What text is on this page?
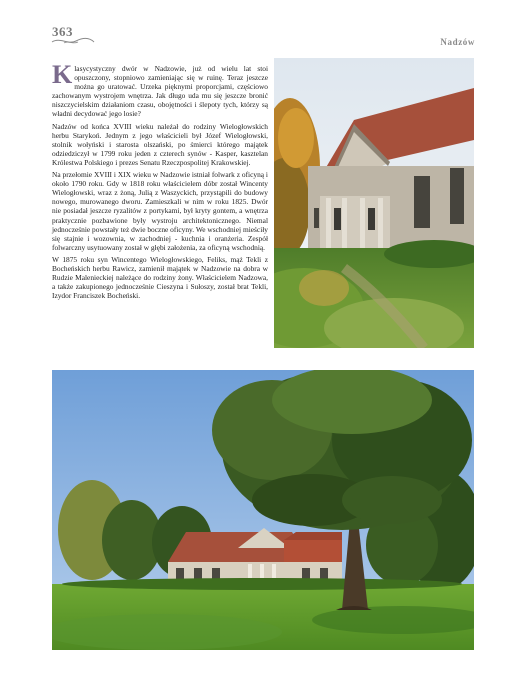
363
Nadzów

Klasycystyczny dwór w Nadzowie, już od wielu lat stoi opuszczony, stopniowo zamieniając się w ruinę. Teraz jeszcze można go uratować. Urzeka pięknymi proporcjami, częściowo zachowanym wystrojem wnętrza. Jak długo uda mu się jeszcze bronić niszczycielskim działaniom czasu, obojętności i ślepoty tych, którzy są władni decydować jego losie?

Nadzów od końca XVIII wieku należał do rodziny Wielogłowskich herbu Starykoń. Jednym z jego właścicieli był Józef Wielogłowski, stolnik wołyński i starosta olszański, po śmierci którego majątek odziedziczył w 1799 roku jeden z czterech synów - Kasper, kasztelan Królestwa Polskiego i prezes Senatu Rzeczpospolitej Krakowskiej.

Na przełomie XVIII i XIX wieku w Nadzowie istniał folwark z oficyną i około 1790 roku. Gdy w 1818 roku właścicielem dóbr został Wincenty Wielogłowski, wraz z żoną, Julią z Waszyckich, przystąpili do budowy nowego, murowanego dworu. Zamieszkali w nim w roku 1825. Dwór nie posiadał jeszcze ryzalitów z portykami, był kryty gontem, a wnętrza praktycznie pozbawione były wystroju architektonicznego. Niemal jednocześnie powstały też dwie boczne oficyny. We wschodniej mieściły się stajnie i wozownia, w zachodniej - kuchnia i oranżeria. Zespół folwarczny usytuowany został w głębi założenia, za oficyną wschodnią.

W 1875 roku syn Wincentego Wielogłowskiego, Feliks, mąż Tekli z Bocheńskich herbu Rawicz, zamienił majątek w Nadzowie na dobra w Rudzie Malenieckiej należące do rodziny żony. Właścicielem Nadzowa, a także zakupionego jednocześnie Cieszyna i Sułoszy, został brat Tekli, Izydor Franciszek Bocheński.
